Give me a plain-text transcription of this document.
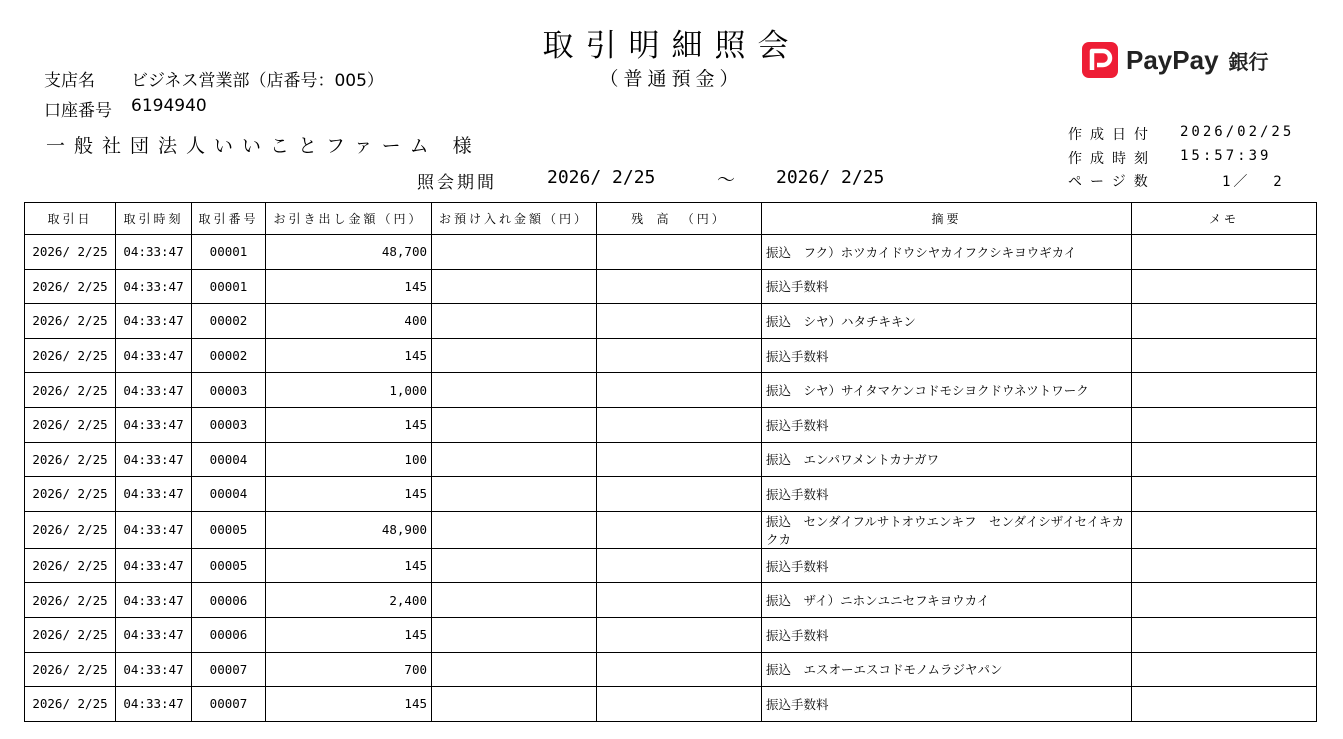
取引明細照会
（普通預金）
支店名 ビジネス営業部（店番号：005）
口座番号 6194940
一般社団法人いいことファーム 様
照会期間	2026/ 2/25	～ 2026/ 2/25
PayPay 銀行
作成日付 2026/02/25
作成時刻 15:57:39
ページ数	1／  2
取引日	取引時刻	取引番号	お引き出し金額（円）	お預け入れ金額（円）	残 高 （円）	摘要	メモ
2026/ 2/25	04:33:47	00001	48,700			振込　フク）ホツカイドウシヤカイフクシキヨウギカイ	
2026/ 2/25	04:33:47	00001	145			振込手数料	
2026/ 2/25	04:33:47	00002	400			振込　シヤ）ハタチキキン	
2026/ 2/25	04:33:47	00002	145			振込手数料	
2026/ 2/25	04:33:47	00003	1,000			振込　シヤ）サイタマケンコドモシヨクドウネツトワーク	
2026/ 2/25	04:33:47	00003	145			振込手数料	
2026/ 2/25	04:33:47	00004	100			振込　エンパワメントカナガワ	
2026/ 2/25	04:33:47	00004	145			振込手数料	
2026/ 2/25	04:33:47	00005	48,900			振込　センダイフルサトオウエンキフ　センダイシザイセイキカクカ	
2026/ 2/25	04:33:47	00005	145			振込手数料	
2026/ 2/25	04:33:47	00006	2,400			振込　ザイ）ニホンユニセフキヨウカイ	
2026/ 2/25	04:33:47	00006	145			振込手数料	
2026/ 2/25	04:33:47	00007	700			振込　エスオーエスコドモノムラジヤパン	
2026/ 2/25	04:33:47	00007	145			振込手数料	
